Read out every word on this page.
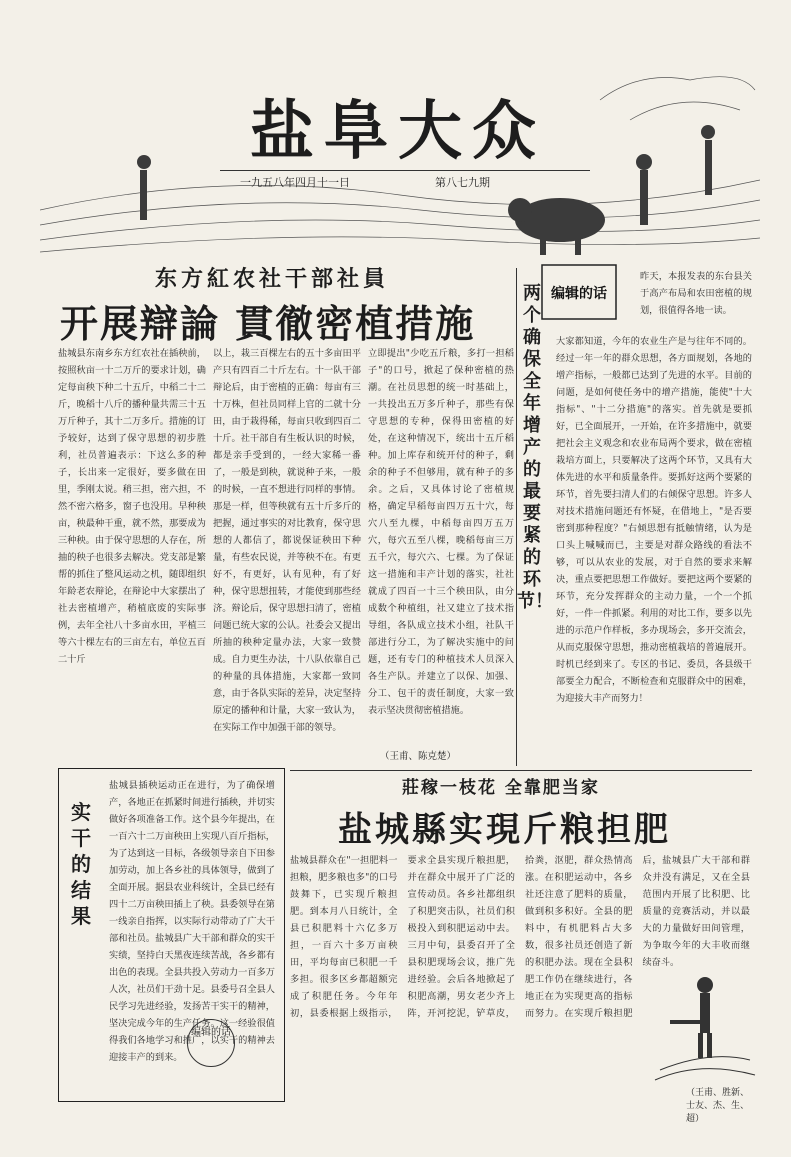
盐阜大众
一九五八年四月十一日	第八七九期
东方紅农社干部社員
开展辯論 貫徹密植措施
盐城县东南乡东方红农社在插秧前，按照秋亩一十二万斤的要求计划，确定每亩秧下种二十五斤，中稻二十二斤，晚稻十八斤的播种量共需三十五万斤种子，其十二万多斤。措施的订予较好，达到了保守思想的初步胜利，社员普遍表示：下这么多的种子，长出来一定很好，要多做在田里，季刚太说。稍三担，密六担，不然不密六格多，窗子也没用。早种秧亩，秧最种干重，就不然，那要成为三种秧。由于保守思想的人存在，所抽的秧子也很多去解决。党支部是繁帮的抓住了整风运动之机，随即组织年龄老农辩论，在辩论中大家摆出了社去密植增产，稍植底废的实际事例，去年全社八十多亩水田，平植三等六十棵左右的三亩左右，单位五百二十斤
以上，栽三百棵左右的五十多亩田平产只有四百二十斤左右。十一队干部辩论后，由于密植的正确：每亩有三十万株，但社员同样上官的二就十分田，由于栽得稀，每亩只收到四百二十斤。社干部自有生板认识的时候，都是亲手受到的，一经大家稀一番了，一般是到秧，就说种子来，一般的时候，一直不想进行同样的事情。那是一样，但等秧就有五十斤多斤的把握，通过事实的对比教育，保守思想的人都信了，都说保证秧田下种量，有些农民说，并等秧不在。有更好不，有更好，认有见种，有了好种，保守思想扭转，才能使到那些经济。辩论后，保守思想扫清了，密植问题已统大家的公认。社委会又提出所抽的秧种定量办法，大家一致赞成。自力更生办法，十八队依靠自己的种量的具体措施，大家都一致同意，由于各队实际的差异，决定坚持原定的播种和计量，大家一致认为，在实际工作中加强干部的领导。
立即提出"少吃五斤粮，多打一担稻子"的口号，掀起了保种密植的热潮。在社员思想的统一时基础上，一共投出五万多斤种子，那些有保守思想的专种，保得田密植的好处，在这种情况下，统出十五斤稻种。加上库存和统开付的种子，剩余的种子不但够用，就有种子的多余。之后，又具体讨论了密植规格，确定早稻每亩四万五十穴，每穴八至九棵，中稻每亩四万五万穴，每穴五至八棵，晚稻每亩三万五千穴，每穴六、七棵。为了保证这一措施和丰产计划的落实，社社就成了四百一十三个秧田队，由分成数个种植组，社又建立了技术指导组，各队成立技术小组，社队干部进行分工，为了解决实施中的问题，还有专门的种植技术人员深入各生产队。并建立了以保、加强、分工、包干的责任制度，大家一致表示坚决贯彻密植措施。
（王甫、陈克楚）
编辑的话
两个确保全年增产的最要紧的环节！
昨天，本报发表的东台县关于高产布局和农田密植的规划，很值得各地一读。
大家都知道，今年的农业生产是与往年不同的。经过一年一年的群众思想，各方面规划，各地的增产指标，一般都已达到了先进的水平。目前的问题，是如何使任务中的增产措施，能使"十大指标"、"十二分措施"的落实。首先就是要抓好，已全面展开，一开始，在许多措施中，就要把社会主义观念和农业布局两个要求，做在密植栽培方面上，只要解决了这两个环节，又具有大体先进的水平和质量条件。要抓好这两个要紧的环节，首先要扫清人们的右倾保守思想。许多人对技术措施问题还有怀疑，在借地上，"是否要密到那种程度？"右倾思想有抵触情绪，认为是口头上喊喊而已，主要是对群众路线的看法不够，可以从农业的发展，对于自然的要求来解决，重点要把思想工作做好。要把这两个要紧的环节，充分发挥群众的主动力量，一个一个抓好，一件一件抓紧。利用的对比工作，要多以先进的示范户作样板，多办现场会，多开交流会，从而克服保守思想，推动密植栽培的普遍展开。时机已经到来了。专区的书记、委员，各县级干部要全力配合，不断检查和克服群众中的困难，为迎接大丰产而努力！
实干的结果
盐城县插秧运动正在进行，为了确保增产，各地正在抓紧时间进行插秧，并切实做好各项准备工作。这个县今年提出，在一百六十二万亩秧田上实现八百斤指标，为了达到这一目标，各级领导亲自下田参加劳动，加上各乡社的具体领导，做到了全面开展。据县农业科统计，全县已经有四十二万亩秧田插上了秧。县委领导在第一线亲自指挥，以实际行动带动了广大干部和社员。盐城县广大干部和群众的实干实绩，坚持白天黑夜连续苦战，各乡都有出色的表现。全县共投入劳动力一百多万人次，社员们干劲十足。县委号召全县人民学习先进经验，发扬苦干实干的精神，坚决完成今年的生产任务。这一经验很值得我们各地学习和推广，以实干的精神去迎接丰产的到来。
编辑的话
莊稼一枝花 全靠肥当家
盐城縣实現斤粮担肥
盐城县群众在"一担肥料一担粮，肥多粮也多"的口号鼓舞下，已实现斤粮担肥。到本月八日统计，全县已积肥料十六亿多万担，一百六十多万亩秧田，平均每亩已积肥一千多担。很多区乡都超额完成了积肥任务。今年年初，县委根据上级指示，要求全县实现斤粮担肥，并在群众中展开了广泛的宣传动员。各乡社都组织了积肥突击队，社员们积极投入到积肥运动中去。三月中旬，县委召开了全县积肥现场会议，推广先进经验。会后各地掀起了积肥高潮，男女老少齐上阵，开河挖泥，铲草皮，拾粪，沤肥，群众热情高涨。在积肥运动中，各乡社还注意了肥料的质量，做到积多积好。全县的肥料中，有机肥料占大多数，很多社员还创造了新的积肥办法。现在全县积肥工作仍在继续进行，各地正在为实现更高的指标而努力。在实现斤粮担肥后，盐城县广大干部和群众并没有满足，又在全县范围内开展了比积肥、比质量的竞赛活动，并以最大的力量做好田间管理，为争取今年的大丰收而继续奋斗。
（王甫、胜新、士友、杰、生、超）
